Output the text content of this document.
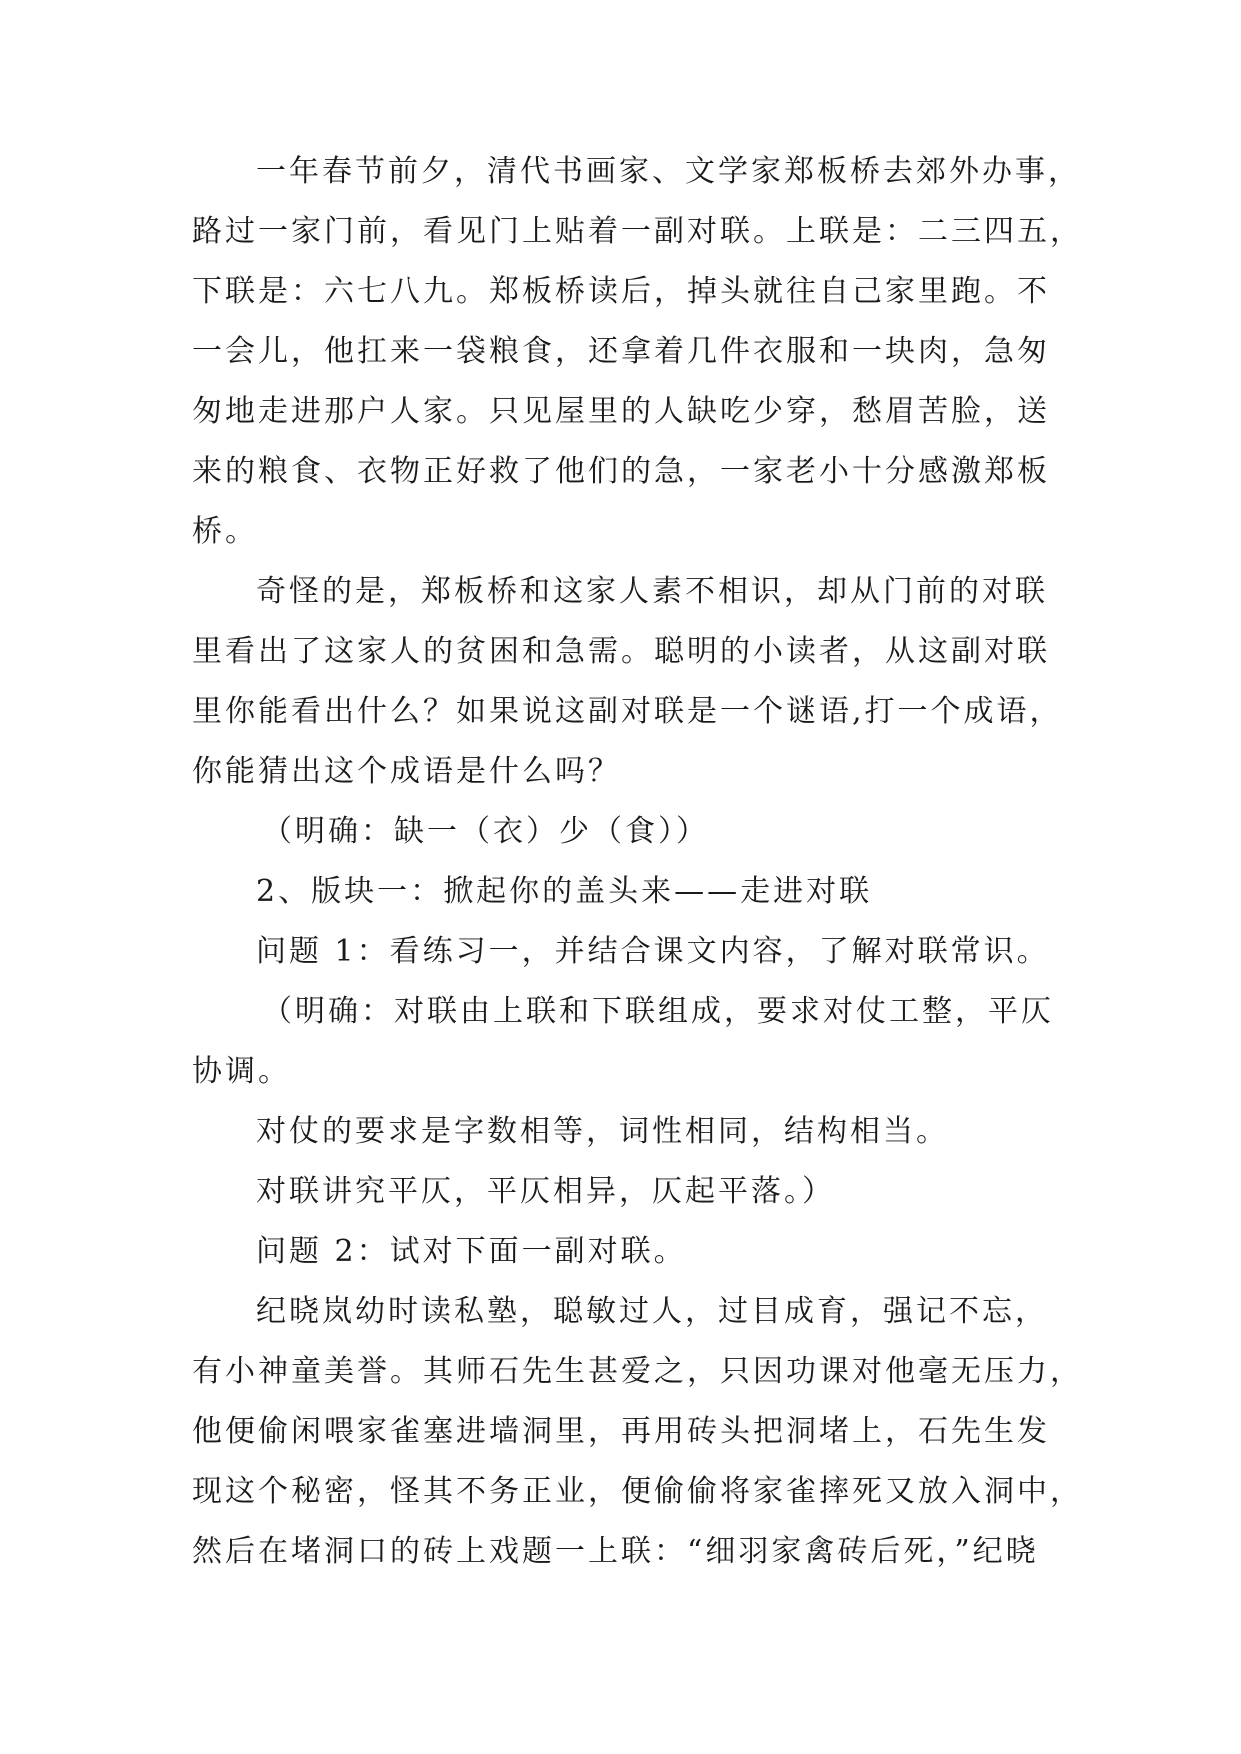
一年春节前夕，清代书画家、文学家郑板桥去郊外办事，
路过一家门前，看见门上贴着一副对联。上联是：二三四五，
下联是：六七八九。郑板桥读后，掉头就往自己家里跑。不
一会儿，他扛来一袋粮食，还拿着几件衣服和一块肉，急匆
匆地走进那户人家。只见屋里的人缺吃少穿，愁眉苦脸，送
来的粮食、衣物正好救了他们的急，一家老小十分感激郑板
桥。
奇怪的是，郑板桥和这家人素不相识，却从门前的对联
里看出了这家人的贫困和急需。聪明的小读者，从这副对联
里你能看出什么？如果说这副对联是一个谜语,打一个成语，
你能猜出这个成语是什么吗？
（明确：缺一（衣）少（食））
2、版块一：掀起你的盖头来——走进对联
问题 1：看练习一，并结合课文内容，了解对联常识。
（明确：对联由上联和下联组成，要求对仗工整，平仄
协调。
对仗的要求是字数相等，词性相同，结构相当。
对联讲究平仄，平仄相异，仄起平落。）
问题 2：试对下面一副对联。
纪晓岚幼时读私塾，聪敏过人，过目成育，强记不忘，
有小神童美誉。其师石先生甚爱之，只因功课对他毫无压力，
他便偷闲喂家雀塞进墙洞里，再用砖头把洞堵上，石先生发
现这个秘密，怪其不务正业，便偷偷将家雀摔死又放入洞中，
然后在堵洞口的砖上戏题一上联：“细羽家禽砖后死，”纪晓
